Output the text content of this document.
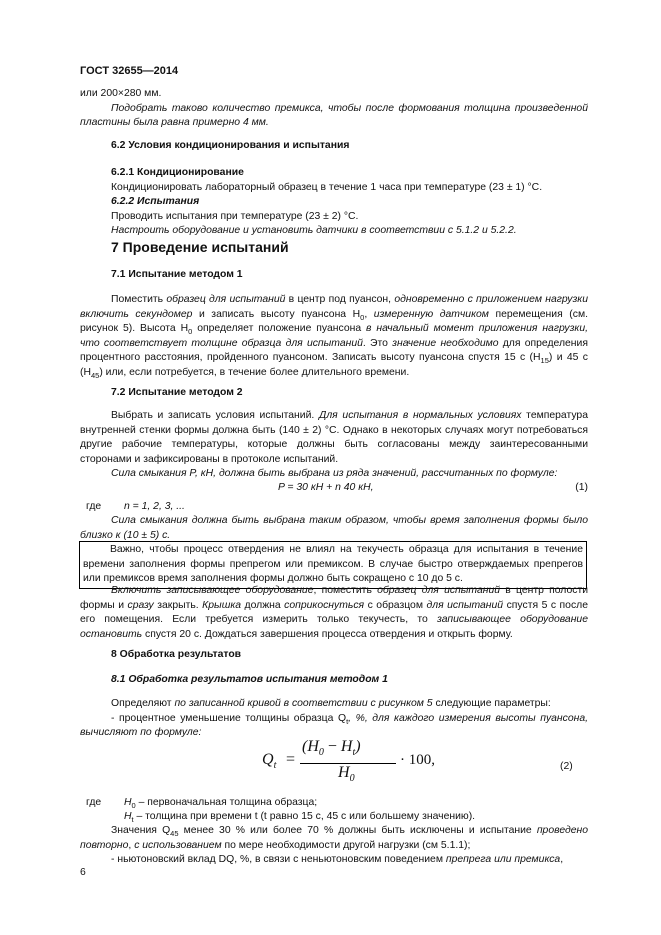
ГОСТ 32655—2014

или 200×280 мм.

Подобрать таково количество премикса, чтобы после формования толщина произведенной пластины была равна примерно 4 мм.

6.2 Условия кондиционирования и испытания

6.2.1 Кондиционирование

Кондиционировать лабораторный образец в течение 1 часа при температуре (23 ± 1) °С.

6.2.2 Испытания

Проводить испытания при температуре (23 ± 2) °С.

Настроить оборудование и установить датчики в соответствии с 5.1.2 и 5.2.2.

7 Проведение испытаний
7.1 Испытание методом 1

Поместить образец для испытаний в центр под пуансон, одновременно с приложением нагрузки включить секундомер и записать высоту пуансона $H_0$, измеренную датчиком перемещения (см. рисунок 5). Высота $H_0$ определяет положение пуансона в начальный момент приложения нагрузки, что соответствует толщине образца для испытаний. Это значение необходимо для определения процентного расстояния, пройденного пуансоном. Записать высоту пуансона спустя 15 с $(H_{15})$ и 45 с $(H_{45})$ или, если потребуется, в течение более длительного времени.

7.2 Испытание методом 2

Выбрать и записать условия испытаний. Для испытания в нормальных условиях температура внутренней стенки формы должна быть (140 ± 2) °С. Однако в некоторых случаях могут потребоваться другие рабочие температуры, которые должны быть согласованы между заинтересованными сторонами и зафиксированы в протоколе испытаний.

Сила смыкания P, кН, должна быть выбрана из ряда значений, рассчитанных по формуле:

P = 30 кН + n 40 кН,	(1)
где n = 1, 2, 3, ...

Сила смыкания должна быть выбрана таким образом, чтобы время заполнения формы было близко к (10 ± 5) с.

Важно, чтобы процесс отвердения не влиял на текучесть образца для испытания в течение времени заполнения формы препрегом или премиксом. В случае быстро отверждаемых препрегов или премиксов время заполнения формы должно быть сокращено с 10 до 5 с.

Включить записывающее оборудование, поместить образец для испытаний в центр полости формы и сразу закрыть. Крышка должна соприкоснуться с образцом для испытаний спустя 5 с после его помещения. Если требуется измерить только текучесть, то записывающее оборудование остановить спустя 20 с. Дождаться завершения процесса отвердения и открыть форму.

8 Обработка результатов
8.1 Обработка результатов испытания методом 1

Определяют по записанной кривой в соответствии с рисунком 5 следующие параметры:

- процентное уменьшение толщины образца $Q_t$, %, для каждого измерения высоты пуансона, вычисляют по формуле:

$Q_t$ =
$(H_0 - H_t)$
$H_0$
· 100,	(2)
где $H_0$ – первоначальная толщина образца;
$H_t$ – толщина при времени t (t равно 15 с, 45 с или большему значению).

Значения $Q_{45}$ менее 30 % или более 70 % должны быть исключены и испытание проведено повторно, с использованием по мере необходимости другой нагрузки (см 5.1.1);

- ньютоновский вклад DQ, %, в связи с неньютоновским поведением препрега или премикса,

6
